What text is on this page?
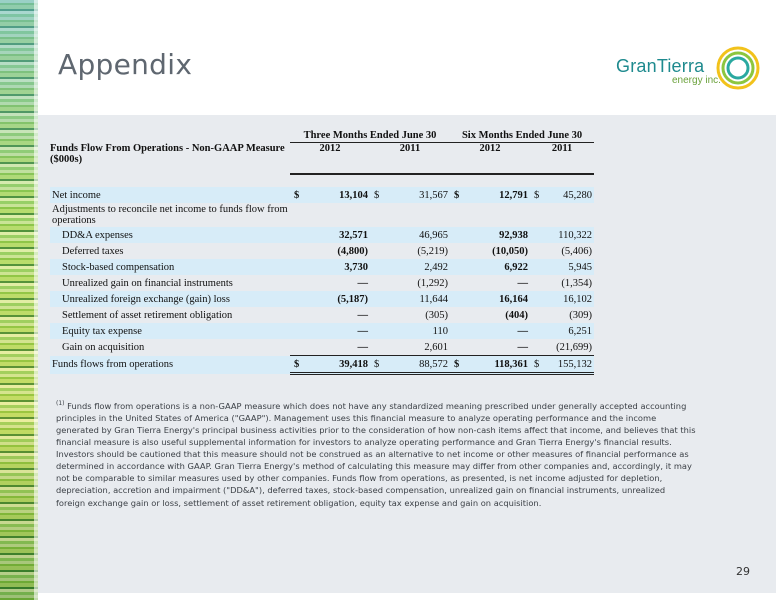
Appendix	GranTierra
energy inc.
	Three Months Ended June 30				Six Months Ended June 30			
Funds Flow From Operations - Non-GAAP Measure ($000s)	2012		2011		2012		2011	

Net income	$	13,104	$	31,567	$	12,791	$	45,280
Adjustments to reconcile net income to funds flow from operations								
DD&A expenses		32,571		46,965		92,938		110,322
Deferred taxes		(4,800)		(5,219)		(10,050)		(5,406)
Stock-based compensation		3,730		2,492		6,922		5,945
Unrealized gain on financial instruments		—		(1,292)		—		(1,354)
Unrealized foreign exchange (gain) loss		(5,187)		11,644		16,164		16,102
Settlement of asset retirement obligation		—		(305)		(404)		(309)
Equity tax expense		—		110		—		6,251
Gain on acquisition		—		2,601		—		(21,699)
Funds flows from operations	$	39,418	$	88,572	$	118,361	$	155,132

$^{(1)}$ Funds flow from operations is a non-GAAP measure which does not have any standardized meaning prescribed under generally accepted accounting principles in the United States of America ("GAAP"). Management uses this financial measure to analyze operating performance and the income generated by Gran Tierra Energy's principal business activities prior to the consideration of how non-cash items affect that income, and believes that this financial measure is also useful supplemental information for investors to analyze operating performance and Gran Tierra Energy's financial results. Investors should be cautioned that this measure should not be construed as an alternative to net income or other measures of financial performance as determined in accordance with GAAP. Gran Tierra Energy's method of calculating this measure may differ from other companies and, accordingly, it may not be comparable to similar measures used by other companies. Funds flow from operations, as presented, is net income adjusted for depletion, depreciation, accretion and impairment ("DD&A"), deferred taxes, stock-based compensation, unrealized gain on financial instruments, unrealized foreign exchange gain or loss, settlement of asset retirement obligation, equity tax expense and gain on acquisition.

29
